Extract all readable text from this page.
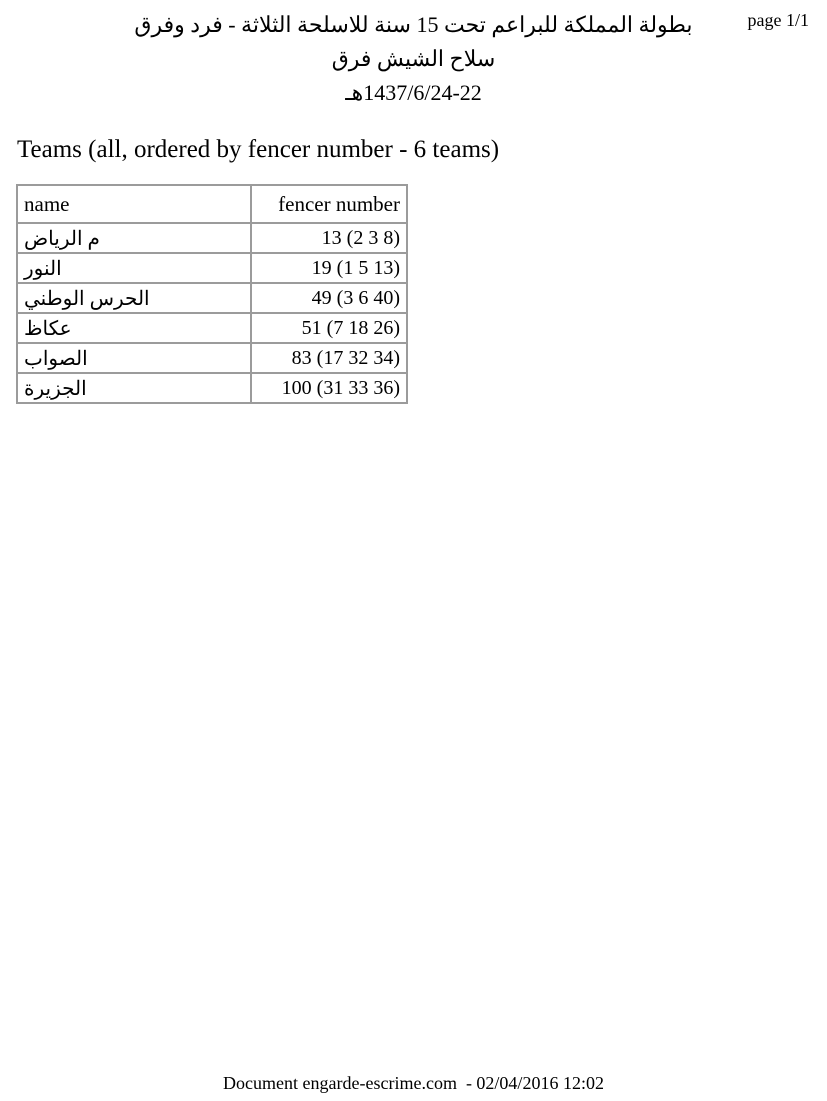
page 1/1
بطولة المملكة للبراعم تحت 15 سنة للاسلحة الثلاثة - فرد وفرق
سلاح الشيش فرق
1437/6/24-22هـ
Teams (all, ordered by fencer number - 6 teams)
name	fencer number
م الرياض	13 (2 3 8)
النور	19 (1 5 13)
الحرس الوطني	49 (3 6 40)
عكاظ	51 (7 18 26)
الصواب	83 (17 32 34)
الجزيرة	100 (31 33 36)
Document engarde-escrime.com  - 02/04/2016 12:02
